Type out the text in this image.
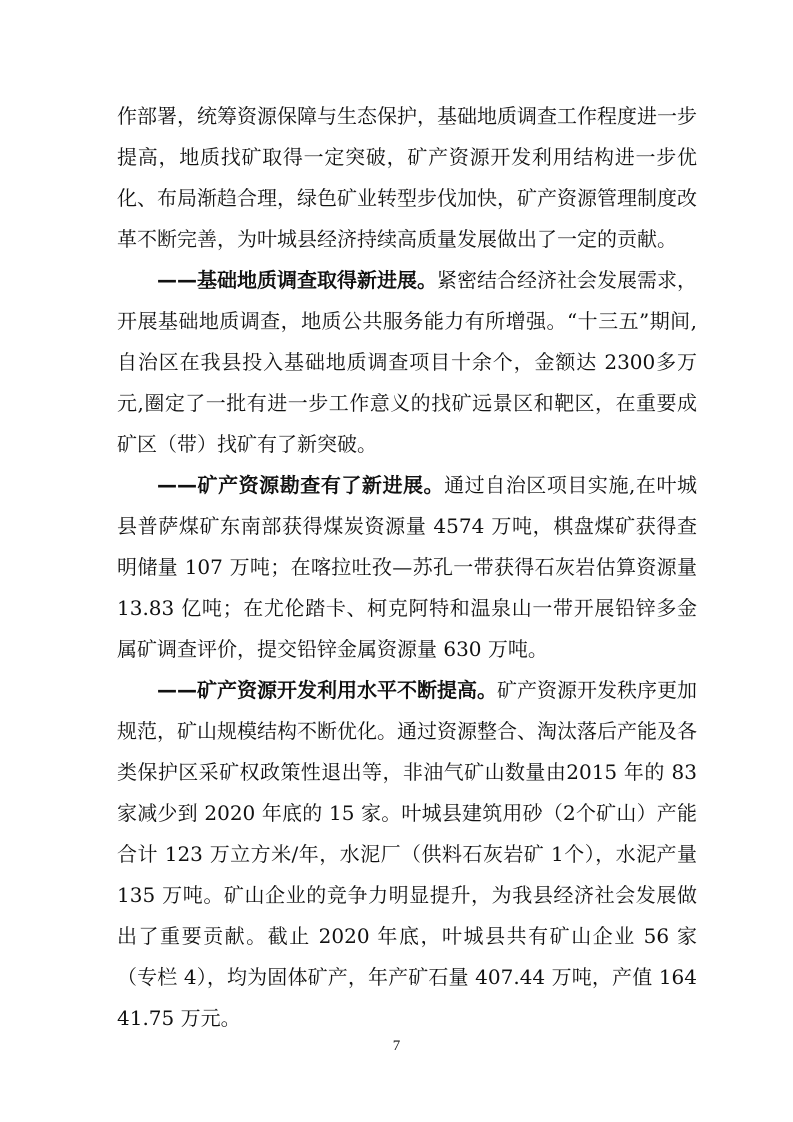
作部署，统筹资源保障与生态保护，基础地质调查工作程度进一步提高，地质找矿取得一定突破，矿产资源开发利用结构进一步优化、布局渐趋合理，绿色矿业转型步伐加快，矿产资源管理制度改革不断完善，为叶城县经济持续高质量发展做出了一定的贡献。

——基础地质调查取得新进展。紧密结合经济社会发展需求，开展基础地质调查，地质公共服务能力有所增强。“十三五”期间,自治区在我县投入基础地质调查项目十余个，金额达 2300多万元,圈定了一批有进一步工作意义的找矿远景区和靶区，在重要成矿区（带）找矿有了新突破。

——矿产资源勘查有了新进展。通过自治区项目实施,在叶城县普萨煤矿东南部获得煤炭资源量 4574 万吨，棋盘煤矿获得查明储量 107 万吨；在喀拉吐孜—苏孔一带获得石灰岩估算资源量 13.83 亿吨；在尤伦踏卡、柯克阿特和温泉山一带开展铅锌多金属矿调查评价，提交铅锌金属资源量 630 万吨。

——矿产资源开发利用水平不断提高。矿产资源开发秩序更加规范，矿山规模结构不断优化。通过资源整合、淘汰落后产能及各类保护区采矿权政策性退出等，非油气矿山数量由2015 年的 83 家减少到 2020 年底的 15 家。叶城县建筑用砂（2个矿山）产能合计 123 万立方米/年，水泥厂（供料石灰岩矿 1个），水泥产量 135 万吨。矿山企业的竞争力明显提升，为我县经济社会发展做出了重要贡献。截止 2020 年底，叶城县共有矿山企业 56 家（专栏 4），均为固体矿产，年产矿石量 407.44 万吨，产值 16441.75 万元。

7
